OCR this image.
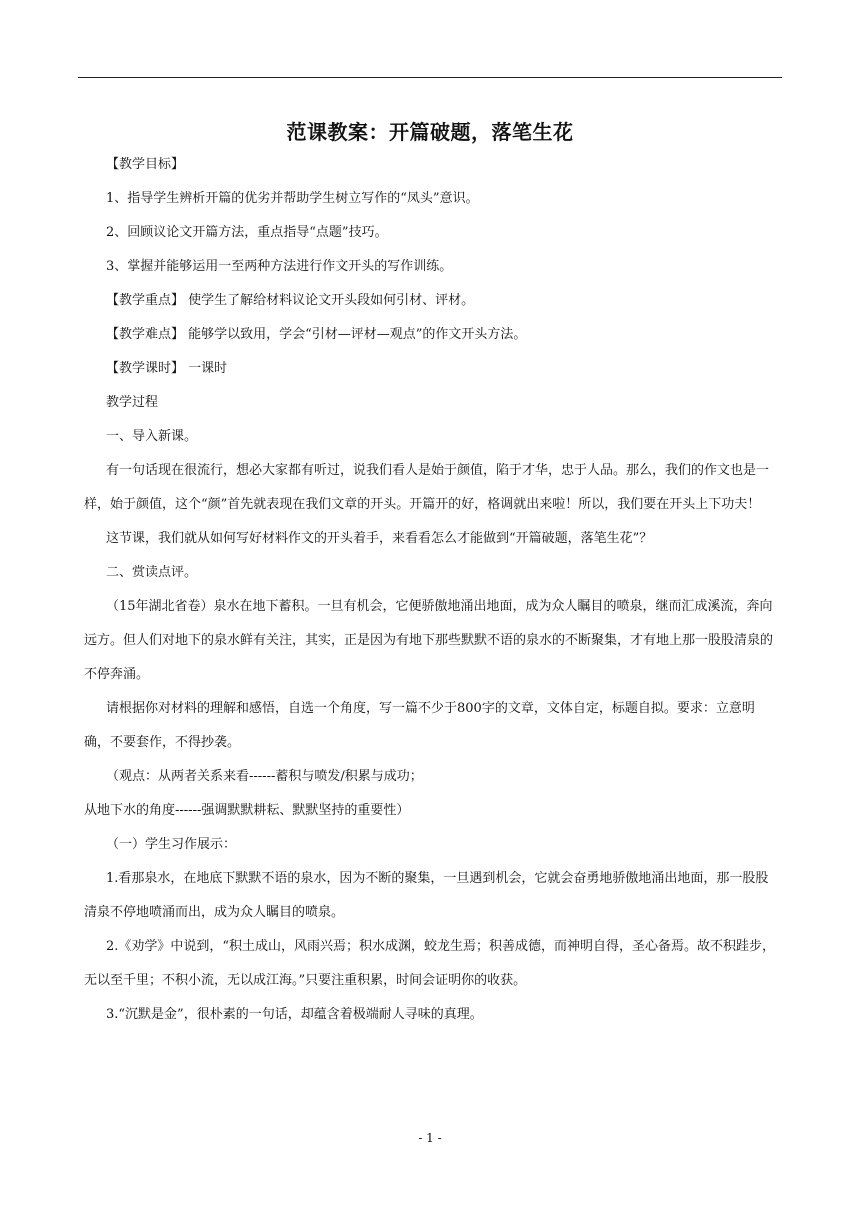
范课教案：开篇破题，落笔生花

【教学目标】

1、指导学生辨析开篇的优劣并帮助学生树立写作的“凤头”意识。

2、回顾议论文开篇方法，重点指导“点题”技巧。

3、掌握并能够运用一至两种方法进行作文开头的写作训练。

【教学重点】 使学生了解给材料议论文开头段如何引材、评材。

【教学难点】 能够学以致用，学会“引材—评材—观点”的作文开头方法。

【教学课时】 一课时

教学过程

一、导入新课。

有一句话现在很流行，想必大家都有听过，说我们看人是始于颜值，陷于才华，忠于人品。那么，我们的作文也是一样，始于颜值，这个“颜”首先就表现在我们文章的开头。开篇开的好，格调就出来啦！所以，我们要在开头上下功夫！

这节课，我们就从如何写好材料作文的开头着手，来看看怎么才能做到“开篇破题，落笔生花”？

二、赏读点评。

（15年湖北省卷）泉水在地下蓄积。一旦有机会，它便骄傲地涌出地面，成为众人瞩目的喷泉，继而汇成溪流，奔向远方。但人们对地下的泉水鲜有关注，其实，正是因为有地下那些默默不语的泉水的不断聚集，才有地上那一股股清泉的不停奔涌。

请根据你对材料的理解和感悟，自选一个角度，写一篇不少于800字的文章，文体自定，标题自拟。要求：立意明确，不要套作，不得抄袭。

（观点：从两者关系来看------蓄积与喷发/积累与成功；

从地下水的角度------强调默默耕耘、默默坚持的重要性）

（一）学生习作展示：

1.看那泉水，在地底下默默不语的泉水，因为不断的聚集，一旦遇到机会，它就会奋勇地骄傲地涌出地面，那一股股清泉不停地喷涌而出，成为众人瞩目的喷泉。

2.《劝学》中说到，“积土成山，风雨兴焉；积水成渊，蛟龙生焉；积善成德，而神明自得，圣心备焉。故不积跬步，无以至千里；不积小流，无以成江海。”只要注重积累，时间会证明你的收获。

3.“沉默是金”，很朴素的一句话，却蕴含着极端耐人寻味的真理。

- 1 -
